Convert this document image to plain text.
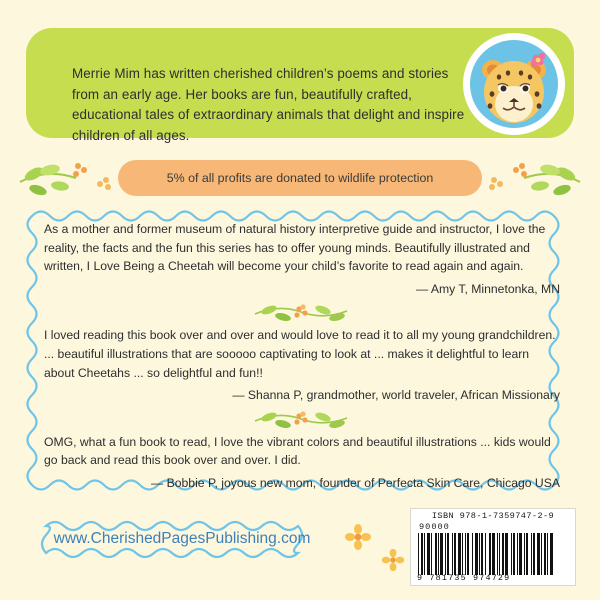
Merrie Mim has written cherished children’s poems and stories from an early age. Her books are fun, beautifully crafted, educational tales of extraordinary animals that delight and inspire children of all ages.
5% of all profits are donated to wildlife protection
As a mother and former museum of natural history interpretive guide and instructor, I love the reality, the facts and the fun this series has to offer young minds. Beautifully illustrated and written, I Love Being a Cheetah will become your child’s favorite to read again and again.
— Amy T, Minnetonka, MN
I loved reading this book over and over and would love to read it to all my young grandchildren. ... beautiful illustrations that are sooooo captivating to look at ... makes it delightful to learn about Cheetahs ... so delightful and fun!!
— Shanna P, grandmother, world traveler, African Missionary
OMG, what a fun book to read, I love the vibrant colors and beautiful illustrations ... kids would go back and read this book over and over. I did.
— Bobbie P, joyous new mom, founder of Perfecta Skin Care, Chicago USA
www.CherishedPagesPublishing.com
ISBN 978-1-7359747-2-9
90000
9 781735 974729
